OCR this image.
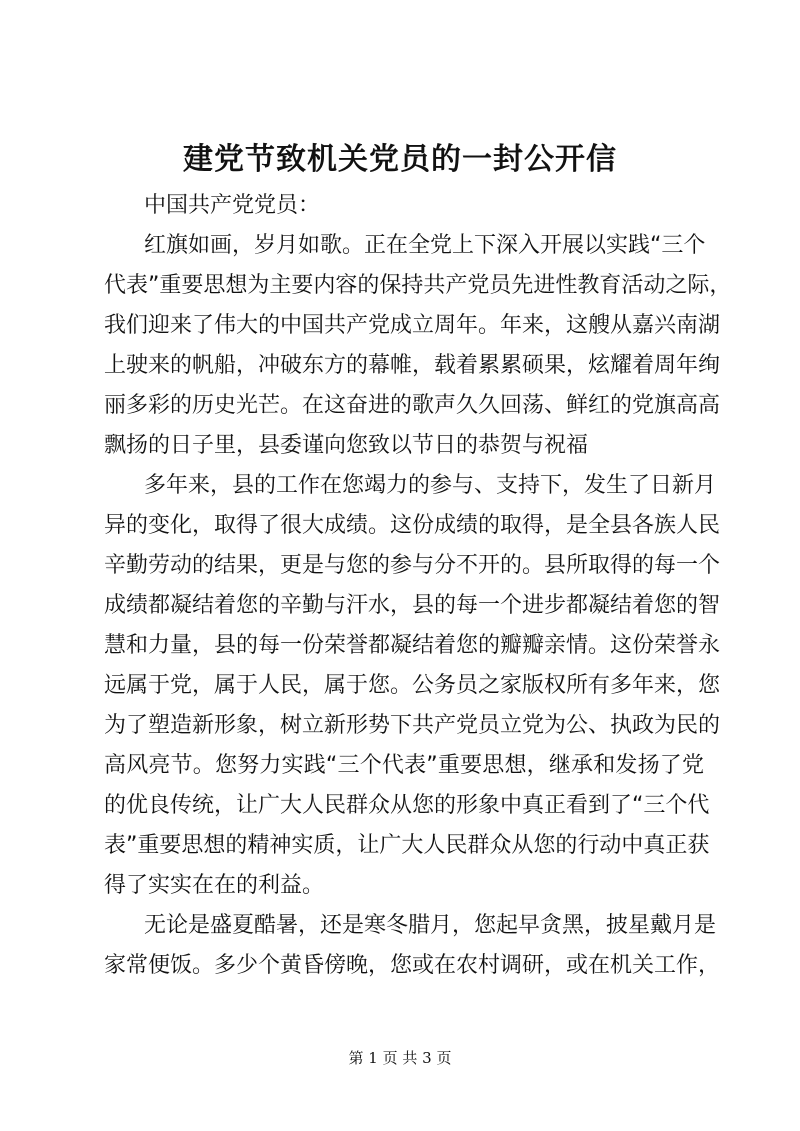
建党节致机关党员的一封公开信

中国共产党党员：

红旗如画，岁月如歌。正在全党上下深入开展以实践“三个
代表”重要思想为主要内容的保持共产党员先进性教育活动之际，
我们迎来了伟大的中国共产党成立周年。年来，这艘从嘉兴南湖
上驶来的帆船，冲破东方的幕帷，载着累累硕果，炫耀着周年绚
丽多彩的历史光芒。在这奋进的歌声久久回荡、鲜红的党旗高高
飘扬的日子里，县委谨向您致以节日的恭贺与祝福
多年来，县的工作在您竭力的参与、支持下，发生了日新月
异的变化，取得了很大成绩。这份成绩的取得，是全县各族人民
辛勤劳动的结果，更是与您的参与分不开的。县所取得的每一个
成绩都凝结着您的辛勤与汗水，县的每一个进步都凝结着您的智
慧和力量，县的每一份荣誉都凝结着您的瓣瓣亲情。这份荣誉永
远属于党，属于人民，属于您。公务员之家版权所有多年来，您
为了塑造新形象，树立新形势下共产党员立党为公、执政为民的
高风亮节。您努力实践“三个代表”重要思想，继承和发扬了党
的优良传统，让广大人民群众从您的形象中真正看到了“三个代
表”重要思想的精神实质，让广大人民群众从您的行动中真正获
得了实实在在的利益。
无论是盛夏酷暑，还是寒冬腊月，您起早贪黑，披星戴月是
家常便饭。多少个黄昏傍晚，您或在农村调研，或在机关工作，

第 1 页 共 3 页
